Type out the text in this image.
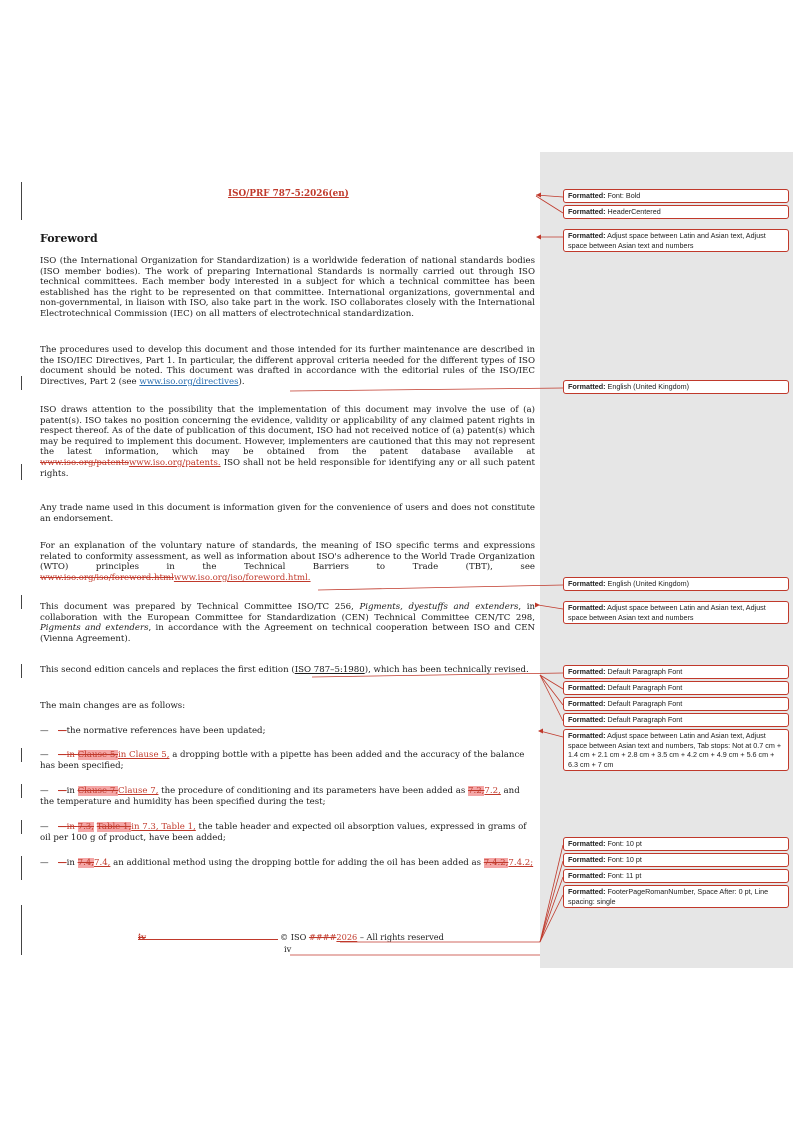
ISO/PRF 787-5:2026(en)
Foreword
ISO (the International Organization for Standardization) is a worldwide federation of national standards bodies (ISO member bodies). The work of preparing International Standards is normally carried out through ISO technical committees. Each member body interested in a subject for which a technical committee has been established has the right to be represented on that committee. International organizations, governmental and non-governmental, in liaison with ISO, also take part in the work. ISO collaborates closely with the International Electrotechnical Commission (IEC) on all matters of electrotechnical standardization.
The procedures used to develop this document and those intended for its further maintenance are described in the ISO/IEC Directives, Part 1. In particular, the different approval criteria needed for the different types of ISO document should be noted. This document was drafted in accordance with the editorial rules of the ISO/IEC Directives, Part 2 (see www.iso.org/directives).
ISO draws attention to the possibility that the implementation of this document may involve the use of (a) patent(s). ISO takes no position concerning the evidence, validity or applicability of any claimed patent rights in respect thereof. As of the date of publication of this document, ISO had not received notice of (a) patent(s) which may be required to implement this document. However, implementers are cautioned that this may not represent the latest information, which may be obtained from the patent database available at www.iso.org/patentswww.iso.org/patents. ISO shall not be held responsible for identifying any or all such patent rights.
Any trade name used in this document is information given for the convenience of users and does not constitute an endorsement.
For an explanation of the voluntary nature of standards, the meaning of ISO specific terms and expressions related to conformity assessment, as well as information about ISO's adherence to the World Trade Organization (WTO) principles in the Technical Barriers to Trade (TBT), see www.iso.org/iso/foreword.htmlwww.iso.org/iso/foreword.html.
This document was prepared by Technical Committee ISO/TC 256, Pigments, dyestuffs and extenders, in collaboration with the European Committee for Standardization (CEN) Technical Committee CEN/TC 298, Pigments and extenders, in accordance with the Agreement on technical cooperation between ISO and CEN (Vienna Agreement).
This second edition cancels and replaces the first edition (ISO 787–5:1980), which has been technically revised.
The main changes are as follows:
— —the normative references have been updated;
— —in Clause 5,in Clause 5, a dropping bottle with a pipette has been added and the accuracy of the balance has been specified;
— —in Clause 7,Clause 7, the procedure of conditioning and its parameters have been added as 7.2,7.2, and the temperature and humidity has been specified during the test;
— —in 7.3, Table 1,in 7.3, Table 1, the table header and expected oil absorption values, expressed in grams of oil per 100 g of product, have been added;
— —in 7.4,7.4, an additional method using the dropping bottle for adding the oil has been added as 7.4.2,7.4.2;
iv	© ISO ####2026 – All rights reserved
iv
Formatted: Font: Bold
Formatted: HeaderCentered
Formatted: Adjust space between Latin and Asian text, Adjust space between Asian text and numbers
Formatted: English (United Kingdom)
Formatted: English (United Kingdom)
Formatted: Adjust space between Latin and Asian text, Adjust space between Asian text and numbers
Formatted: Default Paragraph Font
Formatted: Default Paragraph Font
Formatted: Default Paragraph Font
Formatted: Default Paragraph Font
Formatted: Adjust space between Latin and Asian text, Adjust space between Asian text and numbers, Tab stops: Not at 0.7 cm + 1.4 cm + 2.1 cm + 2.8 cm + 3.5 cm + 4.2 cm + 4.9 cm + 5.6 cm + 6.3 cm + 7 cm
Formatted: Font: 10 pt
Formatted: Font: 10 pt
Formatted: Font: 11 pt
Formatted: FooterPageRomanNumber, Space After: 0 pt, Line spacing: single
